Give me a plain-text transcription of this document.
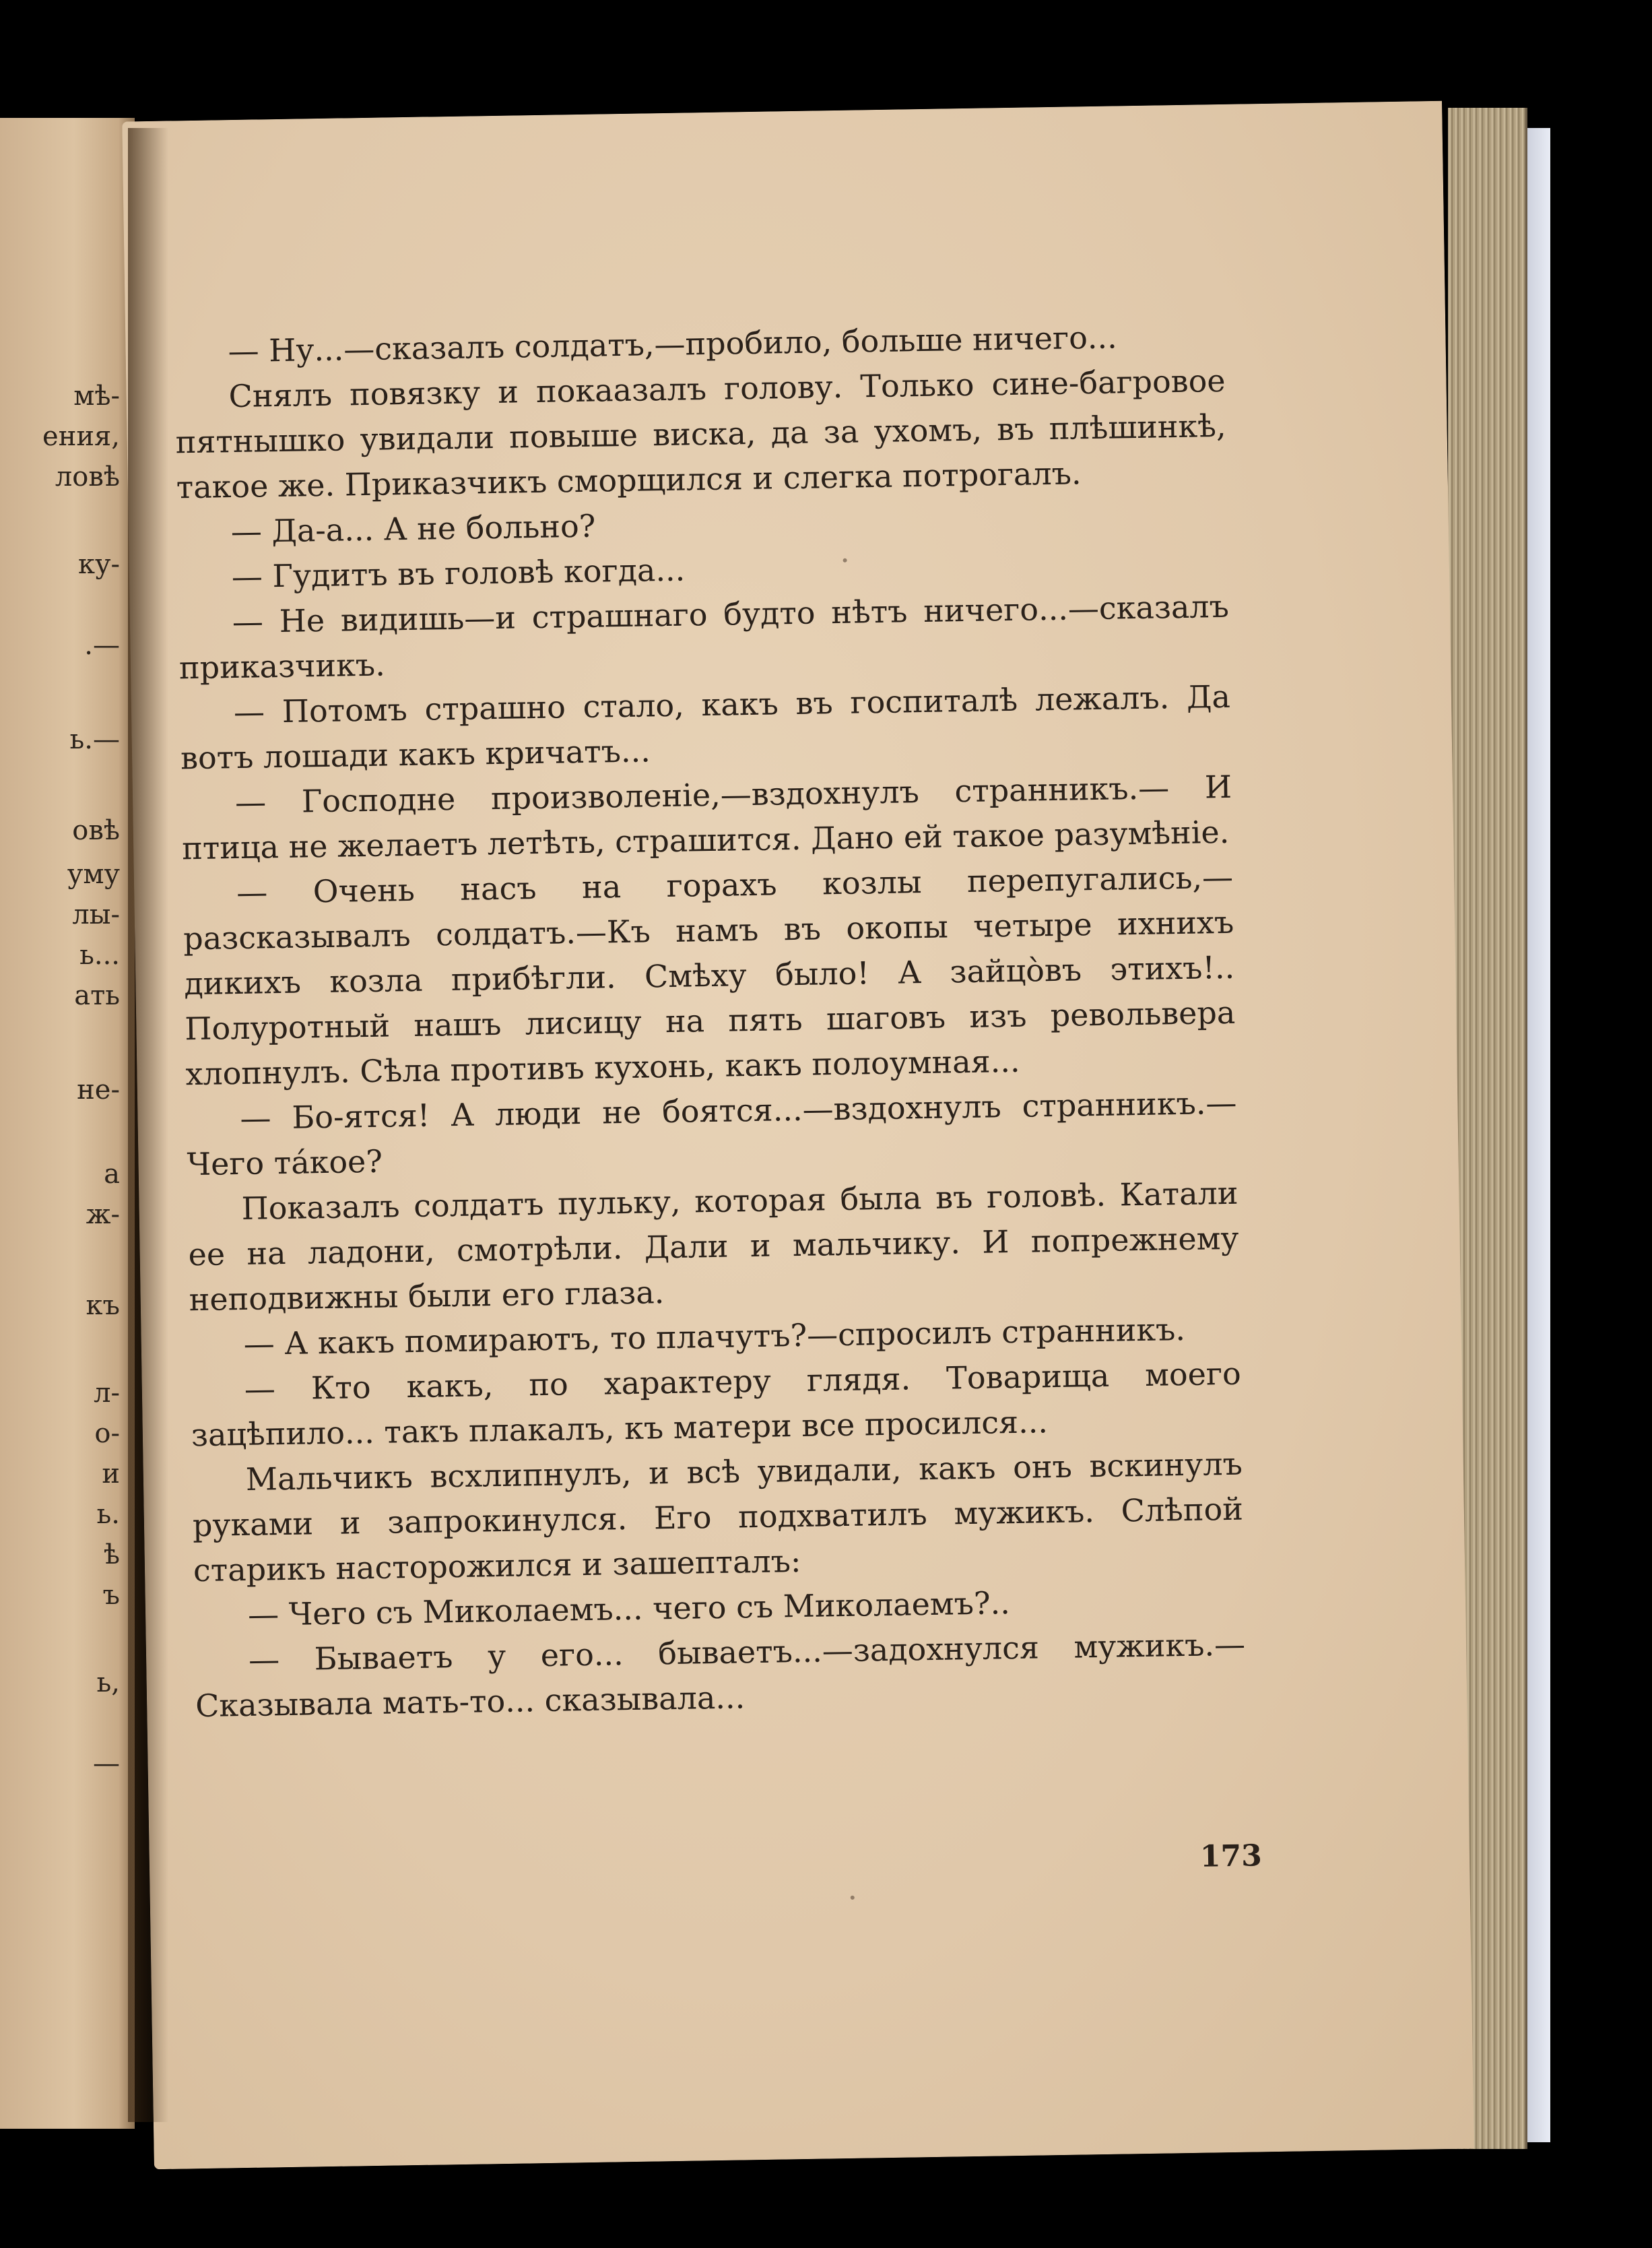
мѣ-

ения,

ловѣ

ку-

.—

ь.—

овѣ

уму

лы-

ь...

ать

не-

а

ж-

къ

л-

о-

и

ь.

ѣ

ъ

ь,

—

— Ну...—сказалъ солдатъ,—пробило, больше ничего...

Снялъ повязку и покаазалъ голову. Только сине-багровое пятнышко увидали повыше виска, да за ухомъ, въ плѣшинкѣ, такое же. Приказчикъ сморщился и слегка потрогалъ.

— Да-а... А не больно?

— Гудитъ въ головѣ когда...

— Не видишь—и страшнаго будто нѣтъ ничего...—сказалъ приказчикъ.

— Потомъ страшно стало, какъ въ госпиталѣ лежалъ. Да вотъ лошади какъ кричатъ...

— Господне произволеніе,—вздохнулъ странникъ.— И птица не желаетъ летѣть, страшится. Дано ей такое разумѣніе.

— Очень насъ на горахъ козлы перепугались,—разсказывалъ солдатъ.—Къ намъ въ окопы четыре ихнихъ дикихъ козла прибѣгли. Смѣху было! А зайцòвъ этихъ!.. Полуротный нашъ лисицу на пять шаговъ изъ револьвера хлопнулъ. Сѣла противъ кухонь, какъ полоумная...

— Бо-ятся! А люди не боятся...—вздохнулъ странникъ.—Чего та́кое?

Показалъ солдатъ пульку, которая была въ головѣ. Катали ее на ладони, смотрѣли. Дали и мальчику. И попрежнему неподвижны были его глаза.

— А какъ помираютъ, то плачутъ?—спросилъ странникъ.

— Кто какъ, по характеру глядя. Товарища моего зацѣпило... такъ плакалъ, къ матери все просился...

Мальчикъ всхлипнулъ, и всѣ увидали, какъ онъ вскинулъ руками и запрокинулся. Его подхватилъ мужикъ. Слѣпой старикъ насторожился и зашепталъ:

— Чего съ Миколаемъ... чего съ Миколаемъ?..

— Бываетъ у его... бываетъ...—задохнулся мужикъ.— Сказывала мать-то... сказывала...

173
